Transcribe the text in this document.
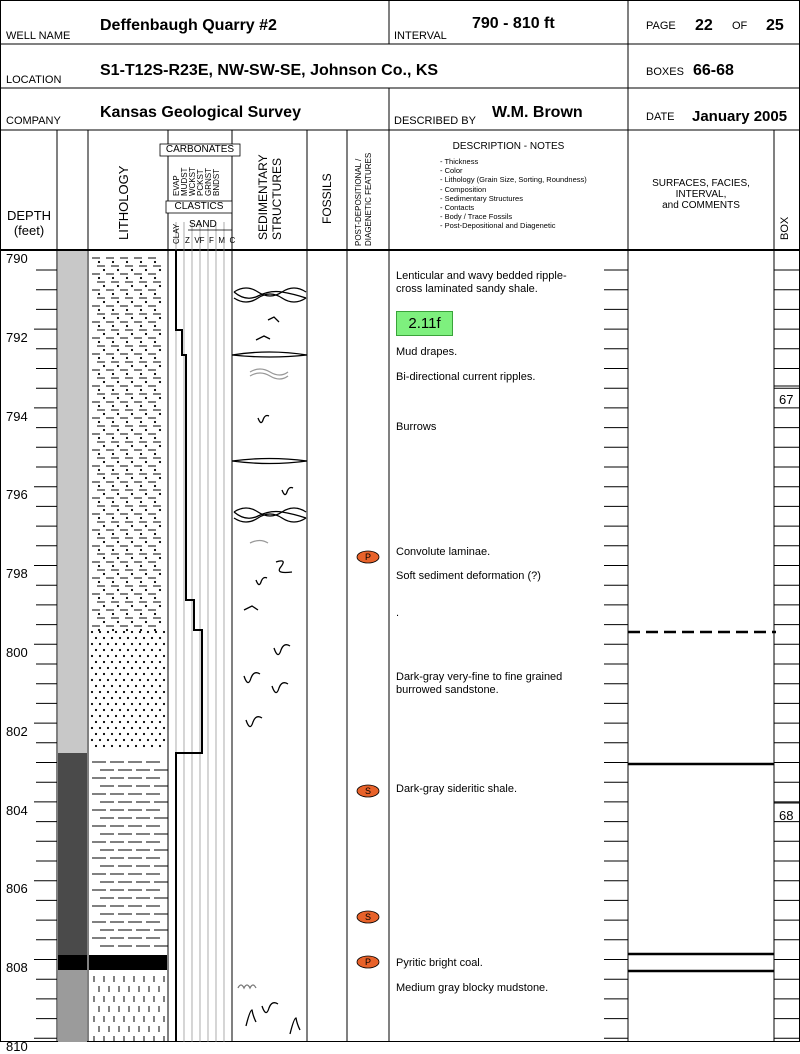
P
S
S
P
WELL NAME
Deffenbaugh Quarry #2
INTERVAL
790 - 810 ft	PAGE 22 OF 25
LOCATION
S1-T12S-R23E, NW-SW-SE, Johnson Co., KS	BOXES 66-68
COMPANY Kansas Geological Survey	DESCRIBED BY W.M. Brown	DATE January 2005
DEPTH
(feet)	LITHOLOGY
CARBONATES
EVAP MUDST WCKST PCKST GRNST BNDST
CLASTICS
CLAY SAND
Z  VF  F  M  C
SEDIMENTARY STRUCTURES	FOSSILS	POST-DEPOSITIONAL / DIAGENETIC FEATURES
DESCRIPTION - NOTES
- Thickness
- Color
- Lithology (Grain Size, Sorting, Roundness)
- Composition
- Sedimentary Structures
- Contacts
- Body / Trace Fossils
- Post-Depositional and Diagenetic
SURFACES, FACIES,
INTERVAL,
and COMMENTS
BOX
790
792
794
796
798
800
802
804
806
808
810
Lenticular and wavy bedded ripple-
cross laminated sandy shale.
2.11f
Mud drapes.
Bi-directional current ripples.
Burrows
Convolute laminae.
Soft sediment deformation (?)
.
Dark-gray very-fine to fine grained
burrowed sandstone.
Dark-gray sideritic shale.
Pyritic bright coal.
Medium gray blocky mudstone.
67
68
